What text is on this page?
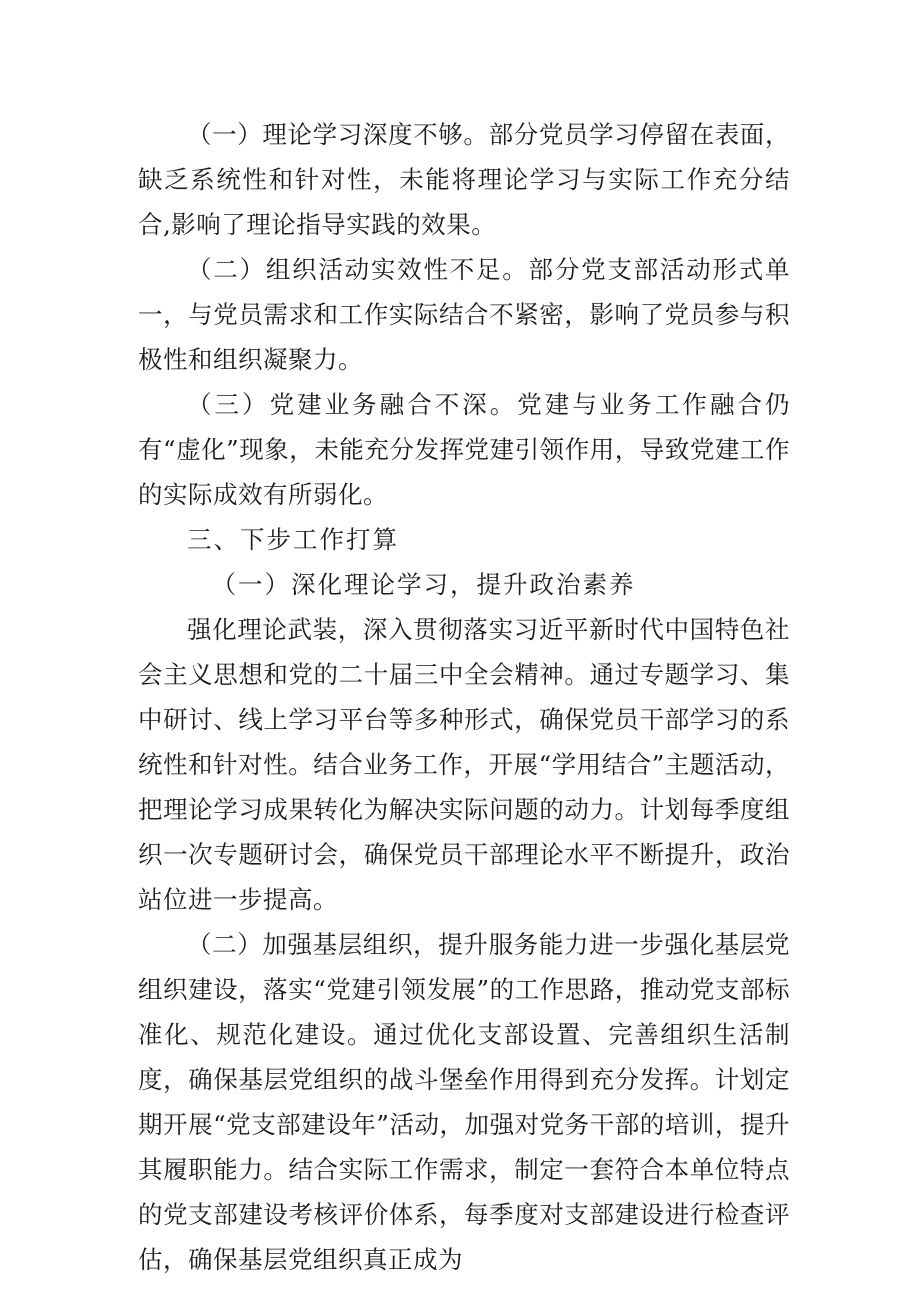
（一）理论学习深度不够。部分党员学习停留在表面，缺乏系统性和针对性，未能将理论学习与实际工作充分结合,影响了理论指导实践的效果。

（二）组织活动实效性不足。部分党支部活动形式单一，与党员需求和工作实际结合不紧密，影响了党员参与积极性和组织凝聚力。

（三）党建业务融合不深。党建与业务工作融合仍有“虚化”现象，未能充分发挥党建引领作用，导致党建工作的实际成效有所弱化。

三、下步工作打算

（一）深化理论学习，提升政治素养

强化理论武装，深入贯彻落实习近平新时代中国特色社会主义思想和党的二十届三中全会精神。通过专题学习、集中研讨、线上学习平台等多种形式，确保党员干部学习的系统性和针对性。结合业务工作，开展“学用结合”主题活动，把理论学习成果转化为解决实际问题的动力。计划每季度组织一次专题研讨会，确保党员干部理论水平不断提升，政治站位进一步提高。

（二）加强基层组织，提升服务能力进一步强化基层党组织建设，落实“党建引领发展”的工作思路，推动党支部标准化、规范化建设。通过优化支部设置、完善组织生活制度，确保基层党组织的战斗堡垒作用得到充分发挥。计划定期开展“党支部建设年”活动，加强对党务干部的培训，提升其履职能力。结合实际工作需求，制定一套符合本单位特点的党支部建设考核评价体系，每季度对支部建设进行检查评估，确保基层党组织真正成为
